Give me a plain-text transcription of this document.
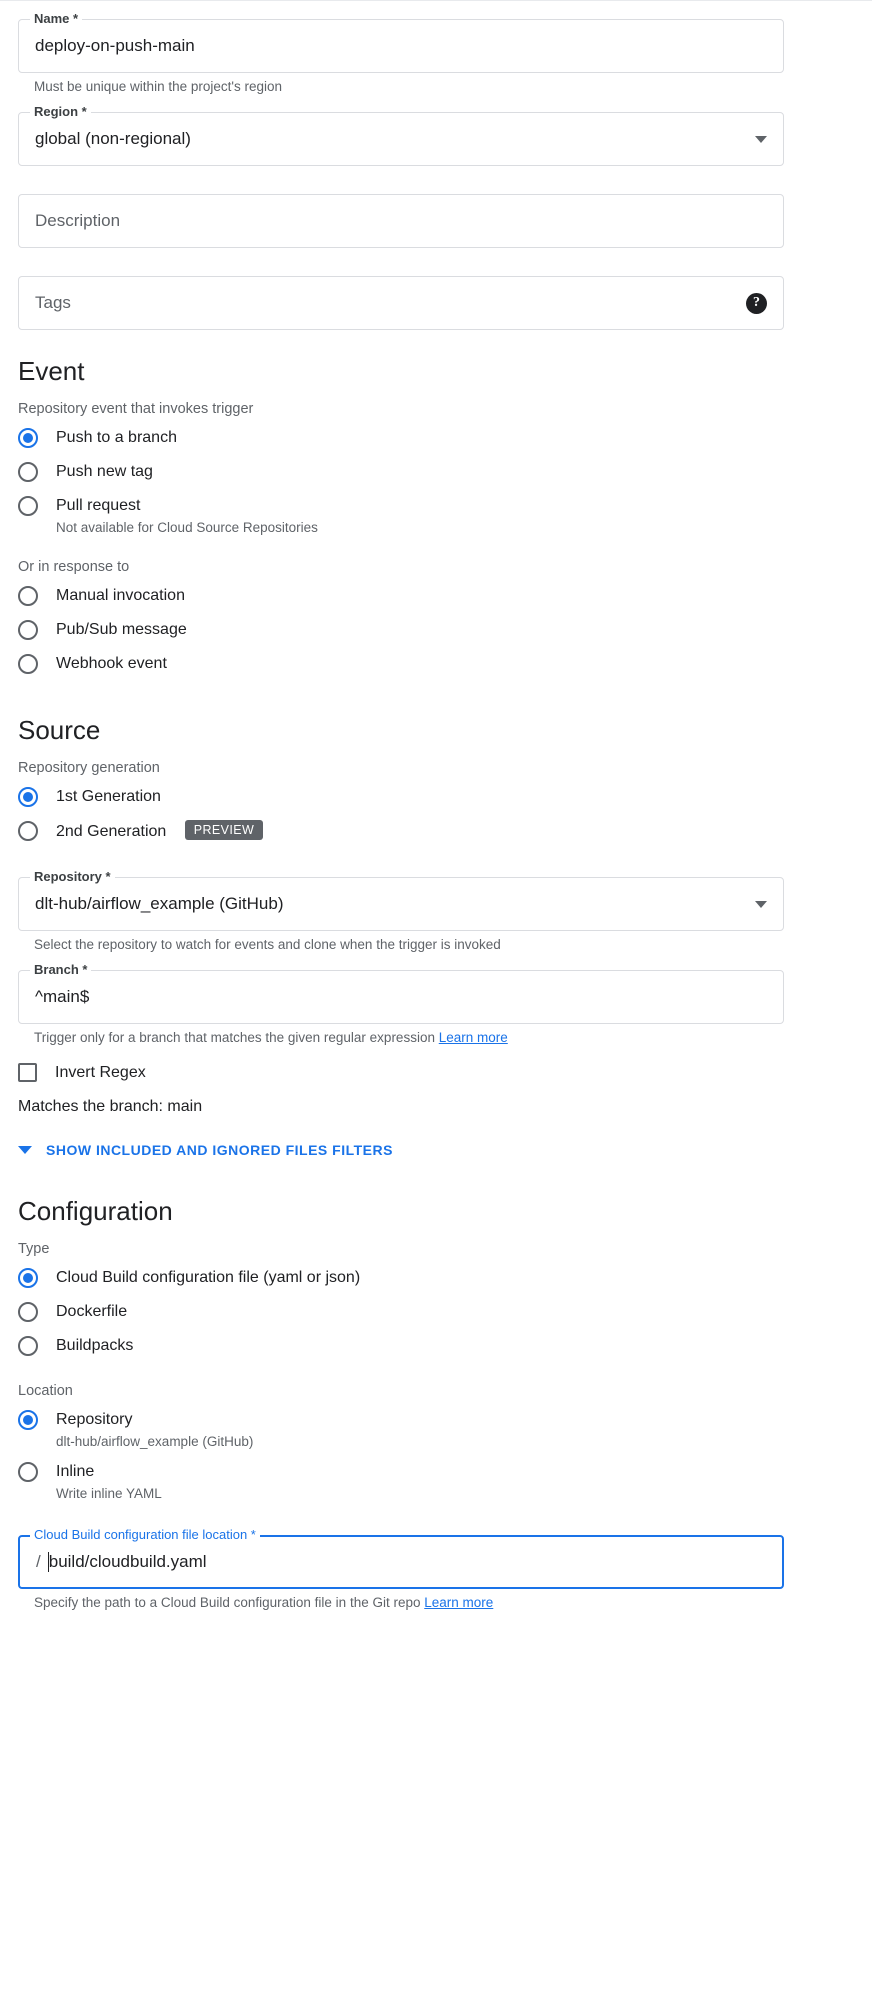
Name *
deploy-on-push-main
Must be unique within the project's region
Region *
global (non-regional)
Description
Tags	?
Event
Repository event that invokes trigger
Push to a branch
Push new tag
Pull request
Not available for Cloud Source Repositories
Or in response to
Manual invocation
Pub/Sub message
Webhook event
Source
Repository generation
1st Generation
2nd Generation PREVIEW
Repository *
dlt-hub/airflow_example (GitHub)
Select the repository to watch for events and clone when the trigger is invoked
Branch *
^main$
Trigger only for a branch that matches the given regular expression Learn more
Invert Regex
Matches the branch: main
SHOW INCLUDED AND IGNORED FILES FILTERS
Configuration
Type
Cloud Build configuration file (yaml or json)
Dockerfile
Buildpacks
Location
Repository
dlt-hub/airflow_example (GitHub)
Inline
Write inline YAML
Cloud Build configuration file location *
/ build/cloudbuild.yaml
Specify the path to a Cloud Build configuration file in the Git repo Learn more
